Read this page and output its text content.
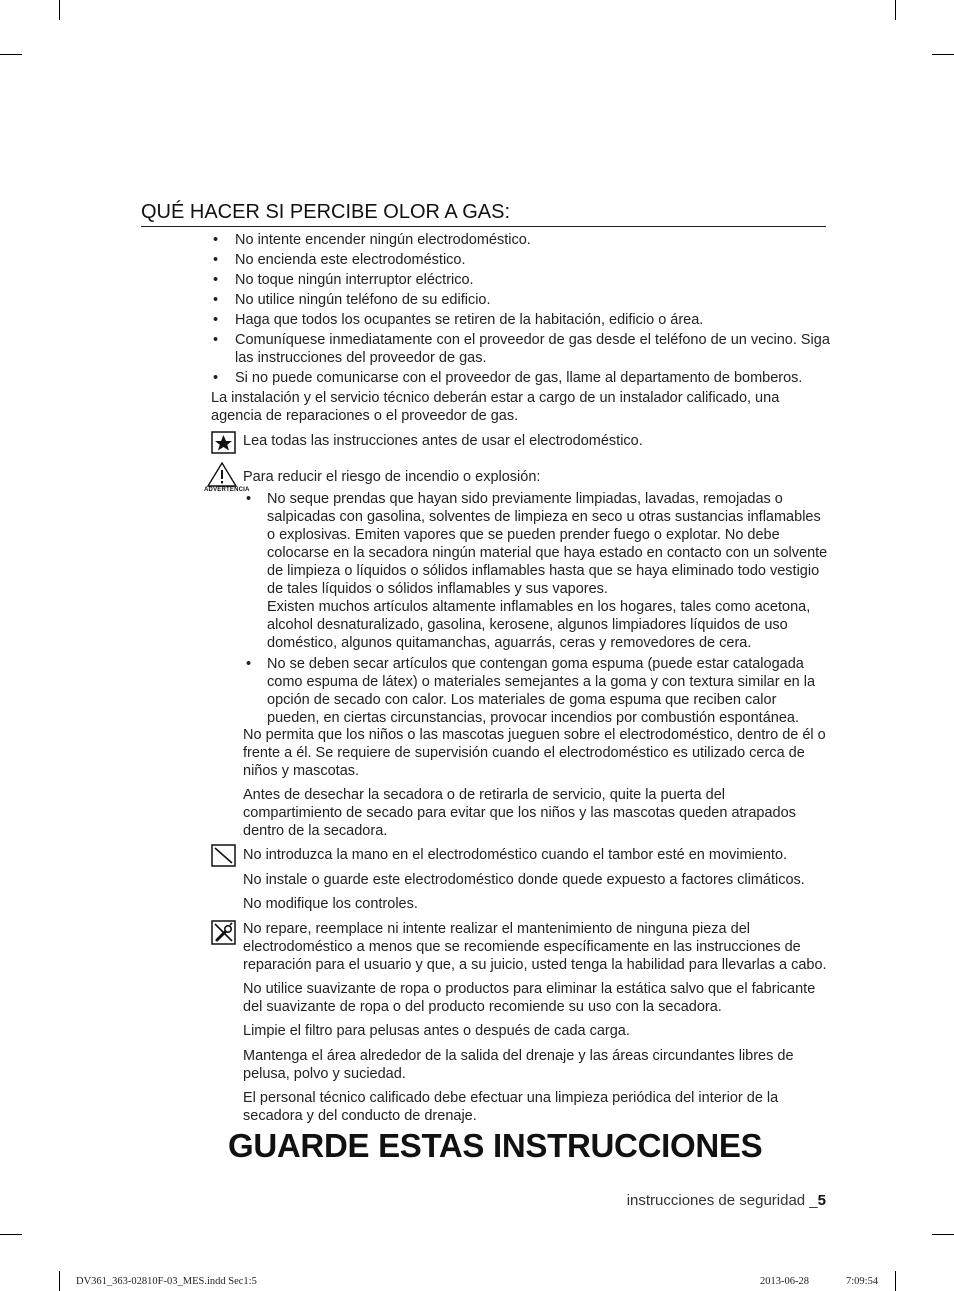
QUÉ HACER SI PERCIBE OLOR A GAS:
• No intente encender ningún electrodoméstico.
• No encienda este electrodoméstico.
• No toque ningún interruptor eléctrico.
• No utilice ningún teléfono de su edificio.
• Haga que todos los ocupantes se retiren de la habitación, edificio o área.
• Comuníquese inmediatamente con el proveedor de gas desde el teléfono de un vecino. Siga las instrucciones del proveedor de gas.
• Si no puede comunicarse con el proveedor de gas, llame al departamento de bomberos.
La instalación y el servicio técnico deberán estar a cargo de un instalador calificado, una agencia de reparaciones o el proveedor de gas.
Lea todas las instrucciones antes de usar el electrodoméstico.
ADVERTENCIA
Para reducir el riesgo de incendio o explosión:
• No seque prendas que hayan sido previamente limpiadas, lavadas, remojadas o salpicadas con gasolina, solventes de limpieza en seco u otras sustancias inflamables o explosivas. Emiten vapores que se pueden prender fuego o explotar. No debe colocarse en la secadora ningún material que haya estado en contacto con un solvente de limpieza o líquidos o sólidos inflamables hasta que se haya eliminado todo vestigio de tales líquidos o sólidos inflamables y sus vapores.
Existen muchos artículos altamente inflamables en los hogares, tales como acetona, alcohol desnaturalizado, gasolina, kerosene, algunos limpiadores líquidos de uso doméstico, algunos quitamanchas, aguarrás, ceras y removedores de cera.
• No se deben secar artículos que contengan goma espuma (puede estar catalogada como espuma de látex) o materiales semejantes a la goma y con textura similar en la opción de secado con calor. Los materiales de goma espuma que reciben calor pueden, en ciertas circunstancias, provocar incendios por combustión espontánea.
No permita que los niños o las mascotas jueguen sobre el electrodoméstico, dentro de él o frente a él. Se requiere de supervisión cuando el electrodoméstico es utilizado cerca de niños y mascotas.
Antes de desechar la secadora o de retirarla de servicio, quite la puerta del compartimiento de secado para evitar que los niños y las mascotas queden atrapados dentro de la secadora.
No introduzca la mano en el electrodoméstico cuando el tambor esté en movimiento.
No instale o guarde este electrodoméstico donde quede expuesto a factores climáticos.
No modifique los controles.
No repare, reemplace ni intente realizar el mantenimiento de ninguna pieza del electrodoméstico a menos que se recomiende específicamente en las instrucciones de reparación para el usuario y que, a su juicio, usted tenga la habilidad para llevarlas a cabo.
No utilice suavizante de ropa o productos para eliminar la estática salvo que el fabricante del suavizante de ropa o del producto recomiende su uso con la secadora.
Limpie el filtro para pelusas antes o después de cada carga.
Mantenga el área alrededor de la salida del drenaje y las áreas circundantes libres de pelusa, polvo y suciedad.
El personal técnico calificado debe efectuar una limpieza periódica del interior de la secadora y del conducto de drenaje.
GUARDE ESTAS INSTRUCCIONES
instrucciones de seguridad _5
DV361_363-02810F-03_MES.indd Sec1:5	2013-06-28	7:09:54
